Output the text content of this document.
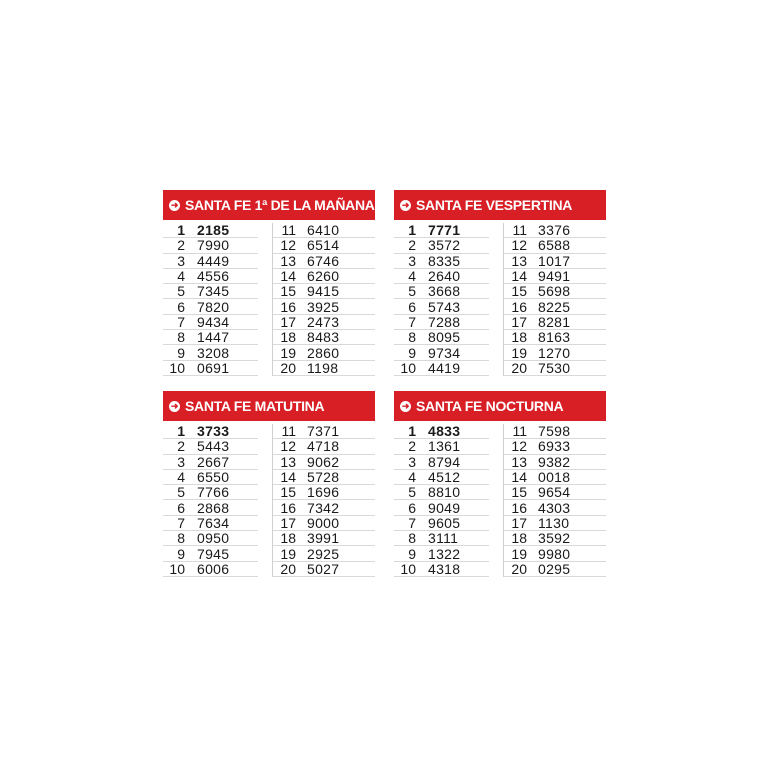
➜ SANTA FE 1ª DE LA MAÑANA
1 2185
2 7990
3 4449
4 4556
5 7345
6 7820
7 9434
8 1447
9 3208
10 0691
11 6410
12 6514
13 6746
14 6260
15 9415
16 3925
17 2473
18 8483
19 2860
20 1198
➜ SANTA FE VESPERTINA
1 7771
2 3572
3 8335
4 2640
5 3668
6 5743
7 7288
8 8095
9 9734
10 4419
11 3376
12 6588
13 1017
14 9491
15 5698
16 8225
17 8281
18 8163
19 1270
20 7530
➜ SANTA FE MATUTINA
1 3733
2 5443
3 2667
4 6550
5 7766
6 2868
7 7634
8 0950
9 7945
10 6006
11 7371
12 4718
13 9062
14 5728
15 1696
16 7342
17 9000
18 3991
19 2925
20 5027
➜ SANTA FE NOCTURNA
1 4833
2 1361
3 8794
4 4512
5 8810
6 9049
7 9605
8 3111
9 1322
10 4318
11 7598
12 6933
13 9382
14 0018
15 9654
16 4303
17 1130
18 3592
19 9980
20 0295
